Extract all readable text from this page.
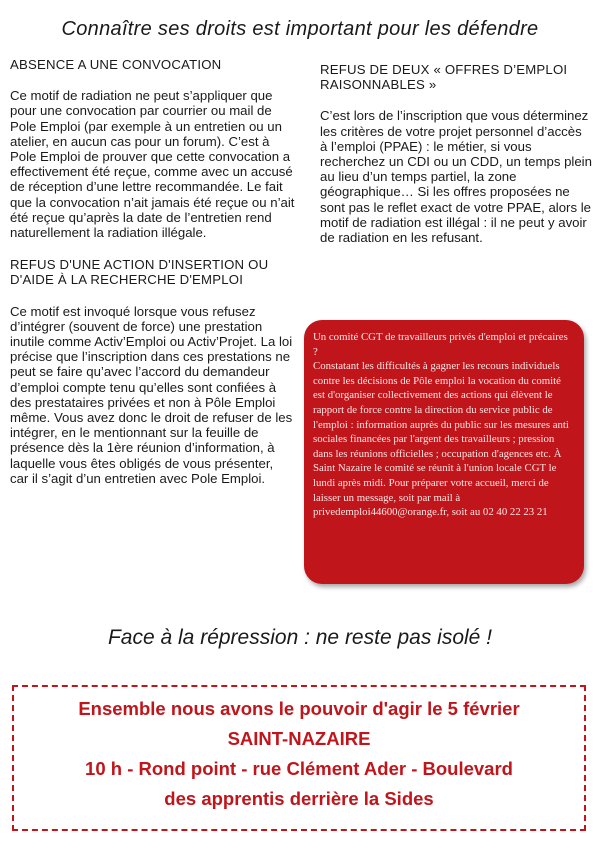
Connaître ses droits est important pour les défendre

ABSENCE A UNE CONVOCATION

Ce motif de radiation ne peut s’appliquer que pour une convocation par courrier ou mail de Pole Emploi (par exemple à un entretien ou un atelier, en aucun cas pour un forum). C’est à Pole Emploi de prouver que cette convocation a effectivement été reçue, comme avec un accusé de réception d’une lettre recommandée. Le fait que la convocation n’ait jamais été reçue ou n’ait été reçue qu’après la date de l’entretien rend naturellement la radiation illégale.

REFUS D'UNE ACTION D'INSERTION OU D'AIDE À LA RECHERCHE D'EMPLOI

Ce motif est invoqué lorsque vous refusez d’intégrer (souvent de force) une prestation inutile comme Activ’Emploi ou Activ’Projet. La loi précise que l’inscription dans ces prestations ne peut se faire qu’avec l’accord du demandeur d’emploi compte tenu qu’elles sont confiées à des prestataires privées et non à Pôle Emploi même. Vous avez donc le droit de refuser de les intégrer, en le mentionnant sur la feuille de présence dès la 1ère réunion d’information, à laquelle vous êtes obligés de vous présenter, car il s’agit d’un entretien avec Pole Emploi.

REFUS DE DEUX « OFFRES D’EMPLOI RAISONNABLES »

C’est lors de l’inscription que vous déterminez les critères de votre projet personnel d’accès à l’emploi (PPAE) : le métier, si vous recherchez un CDI ou un CDD, un temps plein au lieu d’un temps partiel, la zone géographique… Si les offres proposées ne sont pas le reflet exact de votre PPAE, alors le motif de radiation est illégal : il ne peut y avoir de radiation en les refusant.

Un comité CGT de travailleurs privés d'emploi et précaires ?

Constatant les difficultés à gagner les recours individuels contre les décisions de Pôle emploi la vocation du comité est d'organiser collectivement des actions qui élèvent le rapport de force contre la direction du service public de l'emploi : information auprès du public sur les mesures anti sociales financées par l'argent des travailleurs ; pression dans les réunions officielles ; occupation d'agences etc. À Saint Nazaire le comité se réunit à l'union locale CGT le lundi après midi. Pour préparer votre accueil, merci de laisser un message, soit par mail à privedemploi44600@orange.fr, soit au 02 40 22 23 21

Face à la répression : ne reste pas isolé !
Ensemble nous avons le pouvoir d'agir le 5 février
SAINT-NAZAIRE
10 h - Rond point - rue Clément Ader - Boulevard
des apprentis derrière la Sides
